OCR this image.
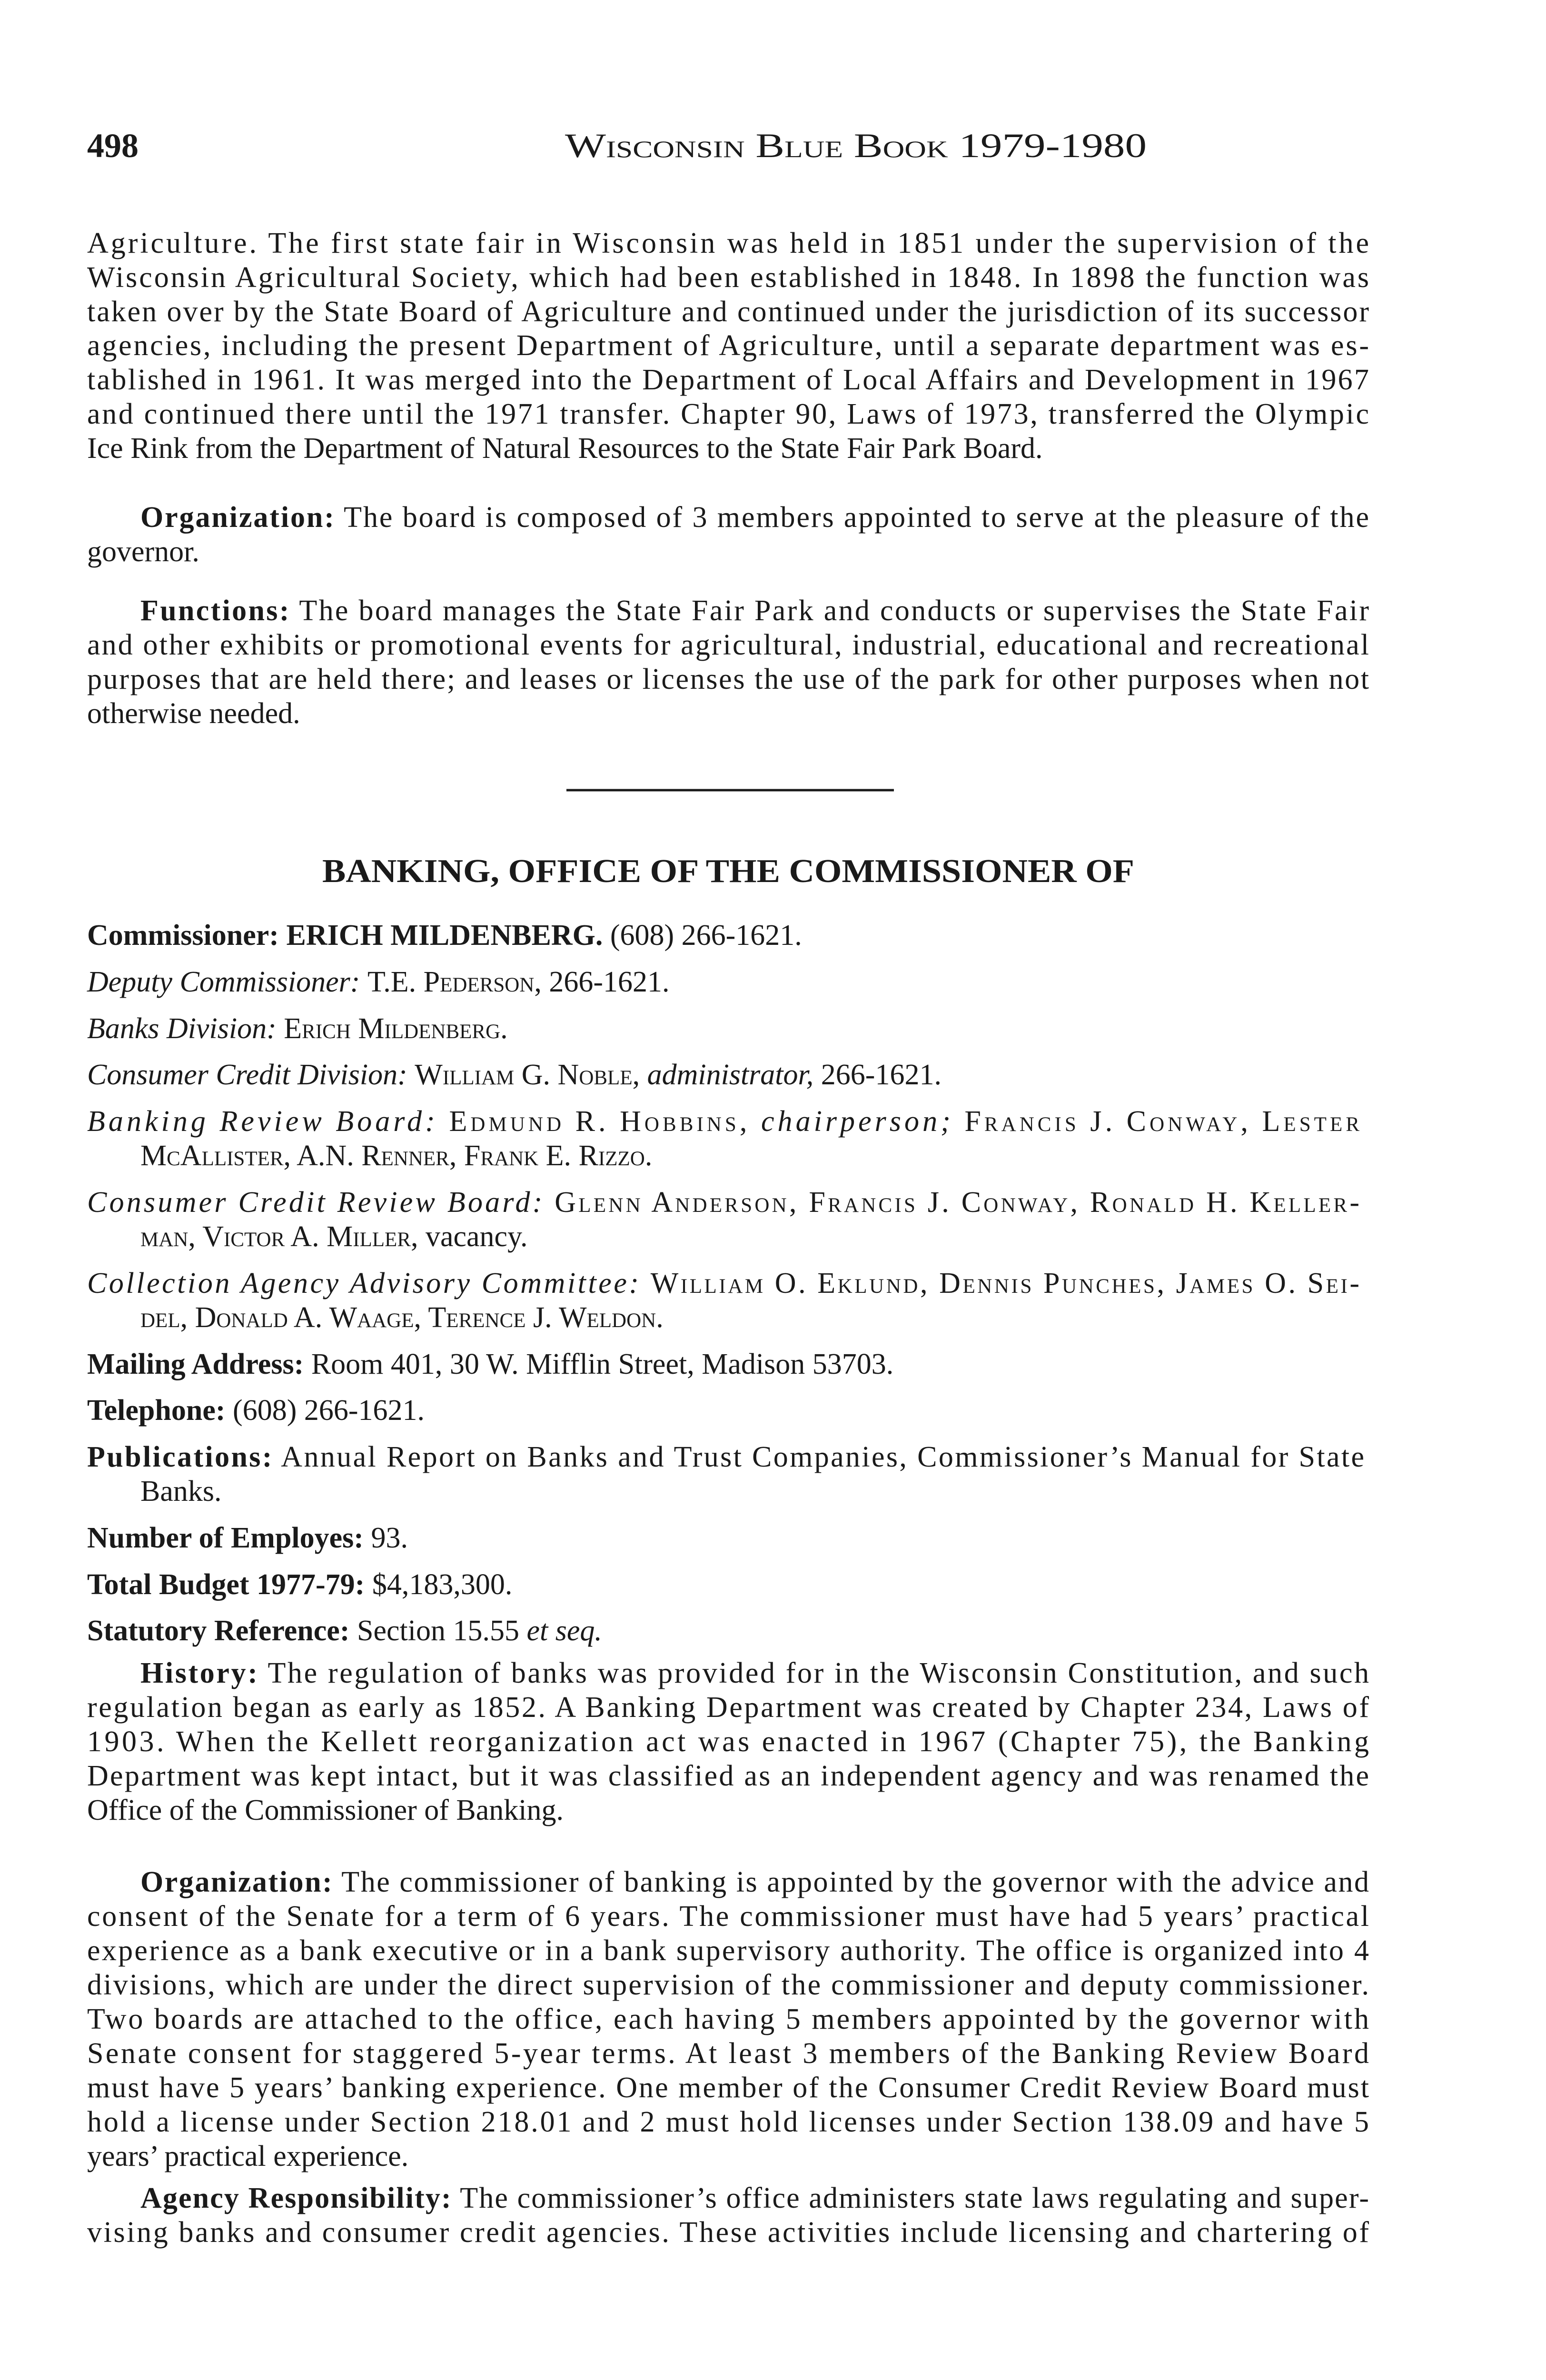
498	Wisconsin Blue Book 1979-1980
Agriculture. The first state fair in Wisconsin was held in 1851 under the supervision of the
Wisconsin Agricultural Society, which had been established in 1848. In 1898 the function was
taken over by the State Board of Agriculture and continued under the jurisdiction of its successor
agencies, including the present Department of Agriculture, until a separate department was es-
tablished in 1961. It was merged into the Department of Local Affairs and Development in 1967
and continued there until the 1971 transfer. Chapter 90, Laws of 1973, transferred the Olympic
Ice Rink from the Department of Natural Resources to the State Fair Park Board.
Organization: The board is composed of 3 members appointed to serve at the pleasure of the
governor.
Functions: The board manages the State Fair Park and conducts or supervises the State Fair
and other exhibits or promotional events for agricultural, industrial, educational and recreational
purposes that are held there; and leases or licenses the use of the park for other purposes when not
otherwise needed.
BANKING, OFFICE OF THE COMMISSIONER OF
Commissioner: ERICH MILDENBERG. (608) 266-1621.
Deputy Commissioner: T.E. Pederson, 266-1621.
Banks Division: Erich Mildenberg.
Consumer Credit Division: William G. Noble, administrator, 266-1621.
Banking Review Board: Edmund R. Hobbins, chairperson; Francis J. Conway, Lester
McAllister, A.N. Renner, Frank E. Rizzo.
Consumer Credit Review Board: Glenn Anderson, Francis J. Conway, Ronald H. Keller-
man, Victor A. Miller, vacancy.
Collection Agency Advisory Committee: William O. Eklund, Dennis Punches, James O. Sei-
del, Donald A. Waage, Terence J. Weldon.
Mailing Address: Room 401, 30 W. Mifflin Street, Madison 53703.
Telephone: (608) 266-1621.
Publications: Annual Report on Banks and Trust Companies, Commissioner’s Manual for State
Banks.
Number of Employes: 93.
Total Budget 1977-79: $4,183,300.
Statutory Reference: Section 15.55 et seq.
History: The regulation of banks was provided for in the Wisconsin Constitution, and such
regulation began as early as 1852. A Banking Department was created by Chapter 234, Laws of
1903. When the Kellett reorganization act was enacted in 1967 (Chapter 75), the Banking
Department was kept intact, but it was classified as an independent agency and was renamed the
Office of the Commissioner of Banking.
Organization: The commissioner of banking is appointed by the governor with the advice and
consent of the Senate for a term of 6 years. The commissioner must have had 5 years’ practical
experience as a bank executive or in a bank supervisory authority. The office is organized into 4
divisions, which are under the direct supervision of the commissioner and deputy commissioner.
Two boards are attached to the office, each having 5 members appointed by the governor with
Senate consent for staggered 5-year terms. At least 3 members of the Banking Review Board
must have 5 years’ banking experience. One member of the Consumer Credit Review Board must
hold a license under Section 218.01 and 2 must hold licenses under Section 138.09 and have 5
years’ practical experience.
Agency Responsibility: The commissioner’s office administers state laws regulating and super-
vising banks and consumer credit agencies. These activities include licensing and chartering of
